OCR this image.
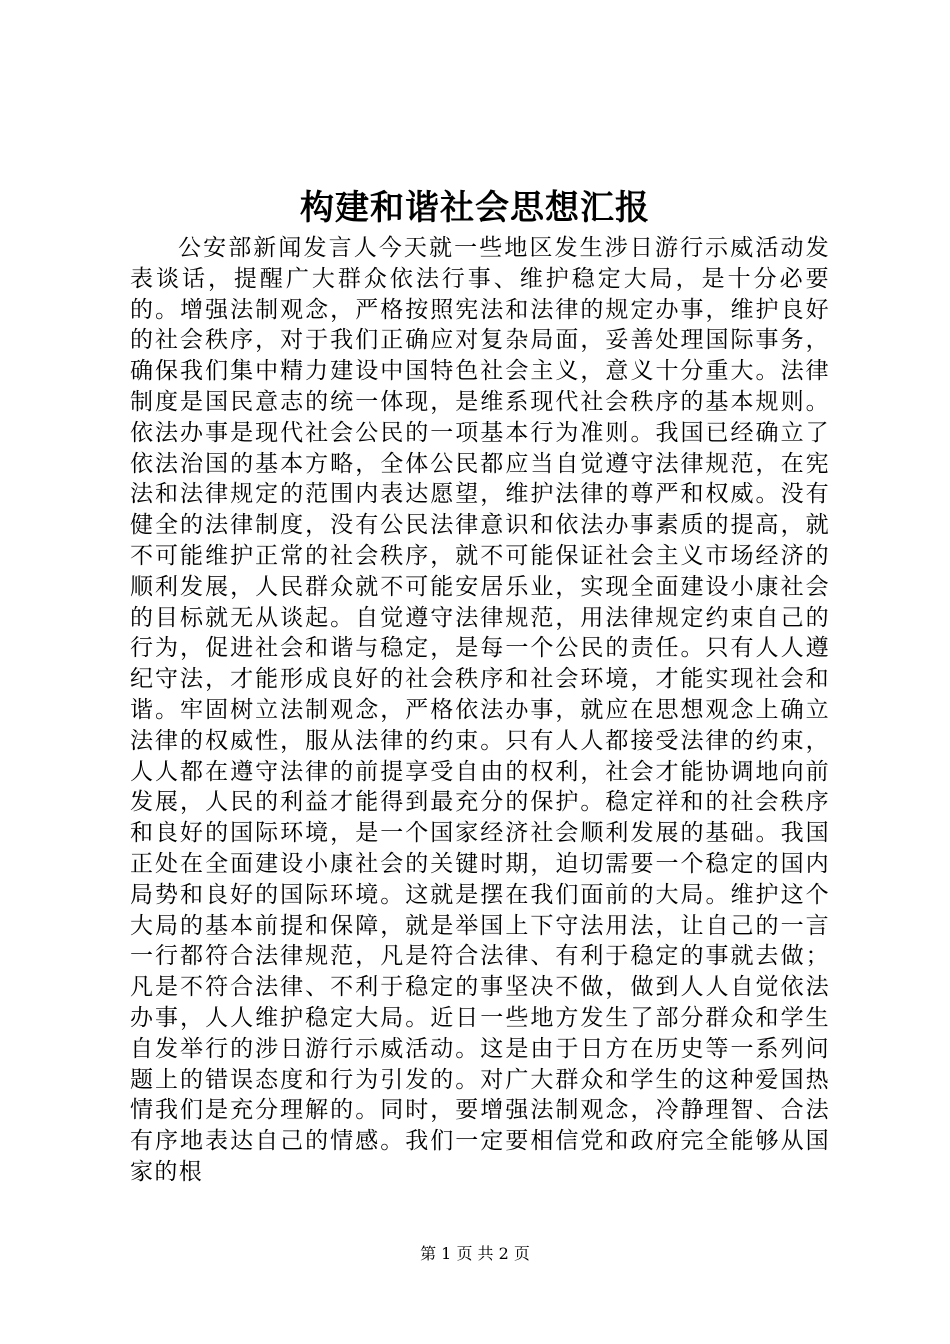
构建和谐社会思想汇报

公安部新闻发言人今天就一些地区发生涉日游行示威活动发表谈话，提醒广大群众依法行事、维护稳定大局，是十分必要的。增强法制观念，严格按照宪法和法律的规定办事，维护良好的社会秩序，对于我们正确应对复杂局面，妥善处理国际事务，确保我们集中精力建设中国特色社会主义，意义十分重大。法律制度是国民意志的统一体现，是维系现代社会秩序的基本规则。依法办事是现代社会公民的一项基本行为准则。我国已经确立了依法治国的基本方略，全体公民都应当自觉遵守法律规范，在宪法和法律规定的范围内表达愿望，维护法律的尊严和权威。没有健全的法律制度，没有公民法律意识和依法办事素质的提高，就不可能维护正常的社会秩序，就不可能保证社会主义市场经济的顺利发展，人民群众就不可能安居乐业，实现全面建设小康社会的目标就无从谈起。自觉遵守法律规范，用法律规定约束自己的行为，促进社会和谐与稳定，是每一个公民的责任。只有人人遵纪守法，才能形成良好的社会秩序和社会环境，才能实现社会和谐。牢固树立法制观念，严格依法办事，就应在思想观念上确立法律的权威性，服从法律的约束。只有人人都接受法律的约束，人人都在遵守法律的前提享受自由的权利，社会才能协调地向前发展，人民的利益才能得到最充分的保护。稳定祥和的社会秩序和良好的国际环境，是一个国家经济社会顺利发展的基础。我国正处在全面建设小康社会的关键时期，迫切需要一个稳定的国内局势和良好的国际环境。这就是摆在我们面前的大局。维护这个大局的基本前提和保障，就是举国上下守法用法，让自己的一言一行都符合法律规范，凡是符合法律、有利于稳定的事就去做；凡是不符合法律、不利于稳定的事坚决不做，做到人人自觉依法办事，人人维护稳定大局。近日一些地方发生了部分群众和学生自发举行的涉日游行示威活动。这是由于日方在历史等一系列问题上的错误态度和行为引发的。对广大群众和学生的这种爱国热情我们是充分理解的。同时，要增强法制观念，冷静理智、合法有序地表达自己的情感。我们一定要相信党和政府完全能够从国家的根

第 1 页 共 2 页
